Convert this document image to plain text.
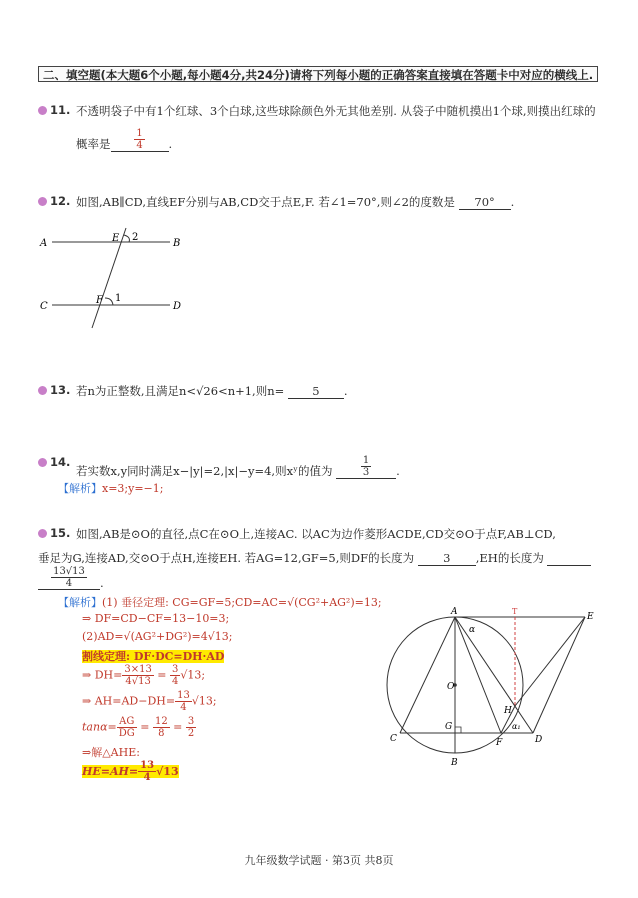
二、填空题(本大题6个小题,每小题4分,共24分)请将下列每小题的正确答案直接填在答题卡中对应的横线上.
11. 不透明袋子中有1个红球、3个白球,这些球除颜色外无其他差别. 从袋子中随机摸出1个球,则摸出红球的
概率是 $\frac{1}{4}$ .
12. 如图,AB∥CD,直线EF分别与AB,CD交于点E,F. 若∠1=70°,则∠2的度数是 70° .
A	B
C	D
E
F
2
1
13. 若n为正整数,且满足n<√26<n+1,则n= 5 .
14.
若实数x,y同时满足x−|y|=2,|x|−y=4,则xʸ的值为	$\frac{1}{3}$ .
【解析】x=3;y=−1;
15. 如图,AB是⊙O的直径,点C在⊙O上,连接AC. 以AC为边作菱形ACDE,CD交⊙O于点F,AB⊥CD,
垂足为G,连接AD,交⊙O于点H,连接EH. 若AG=12,GF=5,则DF的长度为	3 ,EH的长度为
$\frac{13√13}{4}$ .
【解析】(1) 垂径定理: CG=GF=5;CD=AC=√(CG²+AG²)=13;
⇒ DF=CD−CF=13−10=3;
(2)AD=√(AG²+DG²)=4√13;
割线定理: DF·DC=DH·AD
⇒ $DH= \frac{3\times 13}{4√13} = \frac{3}{4} √13$;
⇒ $AH=AD-DH= \frac{13}{4} √13$;
$\tan\alpha= \frac{AG}{DG} = \frac{12}{8} = \frac{3}{2}$
⇒解△AHE:
$HE=AH= \frac{13}{4} √13$
A
B
C	D
E
F
G
H
O
T
α
α₁
九年级数学试题 · 第3页 共8页
